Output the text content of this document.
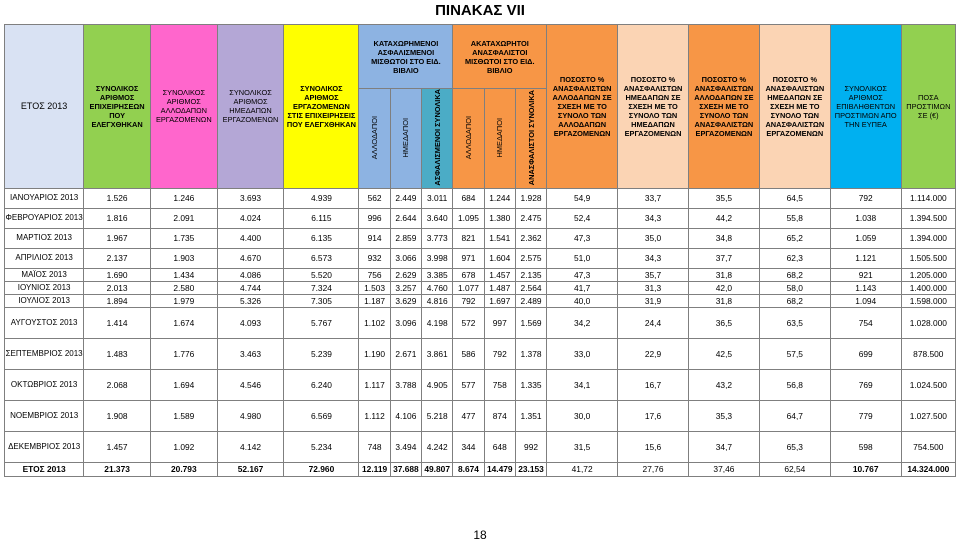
ΠΙΝΑΚΑΣ VII
ΕΤΟΣ 2013	ΣΥΝΟΛΙΚΟΣ ΑΡΙΘΜΟΣ ΕΠΙΧΕΙΡΗΣΕΩΝ ΠΟΥ ΕΛΕΓΧΘΗΚΑΝ	ΣΥΝΟΛΙΚΟΣ ΑΡΙΘΜΟΣ ΑΛΛΟΔΑΠΩΝ ΕΡΓΑΖΟΜΕΝΩΝ	ΣΥΝΟΛΙΚΟΣ ΑΡΙΘΜΟΣ ΗΜΕΔΑΠΩΝ ΕΡΓΑΖΟΜΕΝΩΝ	ΣΥΝΟΛΙΚΟΣ ΑΡΙΘΜΟΣ ΕΡΓΑΖΟΜΕΝΩΝ ΣΤΙΣ ΕΠΙΧΕΙΡΗΣΕΙΣ ΠΟΥ ΕΛΕΓΧΘΗΚΑΝ	ΚΑΤΑΧΩΡΗΜΕΝΟΙ ΑΣΦΑΛΙΣΜΕΝΟΙ ΜΙΣΘΩΤΟΙ ΣΤΟ ΕΙΔ. ΒΙΒΛΙΟ			ΑΚΑΤΑΧΩΡΗΤΟΙ ΑΝΑΣΦΑΛΙΣΤΟΙ ΜΙΣΘΩΤΟΙ ΣΤΟ ΕΙΔ. ΒΙΒΛΙΟ			ΠΟΣΟΣΤΟ % ΑΝΑΣΦΑΛΙΣΤΩΝ ΑΛΛΟΔΑΠΩΝ ΣΕ ΣΧΕΣΗ ΜΕ ΤΟ ΣΥΝΟΛΟ ΤΩΝ ΑΛΛΟΔΑΠΩΝ ΕΡΓΑΖΟΜΕΝΩΝ	ΠΟΣΟΣΤΟ % ΑΝΑΣΦΑΛΙΣΤΩΝ ΗΜΕΔΑΠΩΝ ΣΕ ΣΧΕΣΗ ΜΕ ΤΟ ΣΥΝΟΛΟ ΤΩΝ ΗΜΕΔΑΠΩΝ ΕΡΓΑΖΟΜΕΝΩΝ	ΠΟΣΟΣΤΟ % ΑΝΑΣΦΑΛΙΣΤΩΝ ΑΛΛΟΔΑΠΩΝ ΣΕ ΣΧΕΣΗ ΜΕ ΤΟ ΣΥΝΟΛΟ ΤΩΝ ΑΝΑΣΦΑΛΙΣΤΩΝ ΕΡΓΑΖΟΜΕΝΩΝ	ΠΟΣΟΣΤΟ % ΑΝΑΣΦΑΛΙΣΤΩΝ ΗΜΕΔΑΠΩΝ ΣΕ ΣΧΕΣΗ ΜΕ ΤΟ ΣΥΝΟΛΟ ΤΩΝ ΑΝΑΣΦΑΛΙΣΤΩΝ ΕΡΓΑΖΟΜΕΝΩΝ	ΣΥΝΟΛΙΚΟΣ ΑΡΙΘΜΟΣ ΕΠΙΒΛΗΘΕΝΤΩΝ ΠΡΟΣΤΙΜΩΝ ΑΠΟ ΤΗΝ ΕΥΠΕΑ	ΠΟΣΑ ΠΡΟΣΤΙΜΩΝ ΣΕ (€)
					ΑΛΛΟΔΑΠΟΙ	ΗΜΕΔΑΠΟΙ	ΑΣΦΑΛΙΣΜΕΝΟΙ ΣΥΝΟΛΙΚΑ	ΑΛΛΟΔΑΠΟΙ	ΗΜΕΔΑΠΟΙ	ΑΝΑΣΦΑΛΙΣΤΟΙ ΣΥΝΟΛΙΚΑ						
ΙΑΝΟΥΑΡΙΟΣ 2013	1.526	1.246	3.693	4.939	562	2.449	3.011	684	1.244	1.928	54,9	33,7	35,5	64,5	792	1.114.000
ΦΕΒΡΟΥΑΡΙΟΣ 2013	1.816	2.091	4.024	6.115	996	2.644	3.640	1.095	1.380	2.475	52,4	34,3	44,2	55,8	1.038	1.394.500
ΜΑΡΤΙΟΣ 2013	1.967	1.735	4.400	6.135	914	2.859	3.773	821	1.541	2.362	47,3	35,0	34,8	65,2	1.059	1.394.000
ΑΠΡΙΛΙΟΣ 2013	2.137	1.903	4.670	6.573	932	3.066	3.998	971	1.604	2.575	51,0	34,3	37,7	62,3	1.121	1.505.500
ΜΑΪΟΣ 2013	1.690	1.434	4.086	5.520	756	2.629	3.385	678	1.457	2.135	47,3	35,7	31,8	68,2	921	1.205.000
ΙΟΥΝΙΟΣ 2013	2.013	2.580	4.744	7.324	1.503	3.257	4.760	1.077	1.487	2.564	41,7	31,3	42,0	58,0	1.143	1.400.000
ΙΟΥΛΙΟΣ 2013	1.894	1.979	5.326	7.305	1.187	3.629	4.816	792	1.697	2.489	40,0	31,9	31,8	68,2	1.094	1.598.000
ΑΥΓΟΥΣΤΟΣ 2013	1.414	1.674	4.093	5.767	1.102	3.096	4.198	572	997	1.569	34,2	24,4	36,5	63,5	754	1.028.000
ΣΕΠΤΕΜΒΡΙΟΣ 2013	1.483	1.776	3.463	5.239	1.190	2.671	3.861	586	792	1.378	33,0	22,9	42,5	57,5	699	878.500
ΟΚΤΩΒΡΙΟΣ 2013	2.068	1.694	4.546	6.240	1.117	3.788	4.905	577	758	1.335	34,1	16,7	43,2	56,8	769	1.024.500
ΝΟΕΜΒΡΙΟΣ 2013	1.908	1.589	4.980	6.569	1.112	4.106	5.218	477	874	1.351	30,0	17,6	35,3	64,7	779	1.027.500
ΔΕΚΕΜΒΡΙΟΣ 2013	1.457	1.092	4.142	5.234	748	3.494	4.242	344	648	992	31,5	15,6	34,7	65,3	598	754.500
ΕΤΟΣ 2013	21.373	20.793	52.167	72.960	12.119	37.688	49.807	8.674	14.479	23.153	41,72	27,76	37,46	62,54	10.767	14.324.000
18
